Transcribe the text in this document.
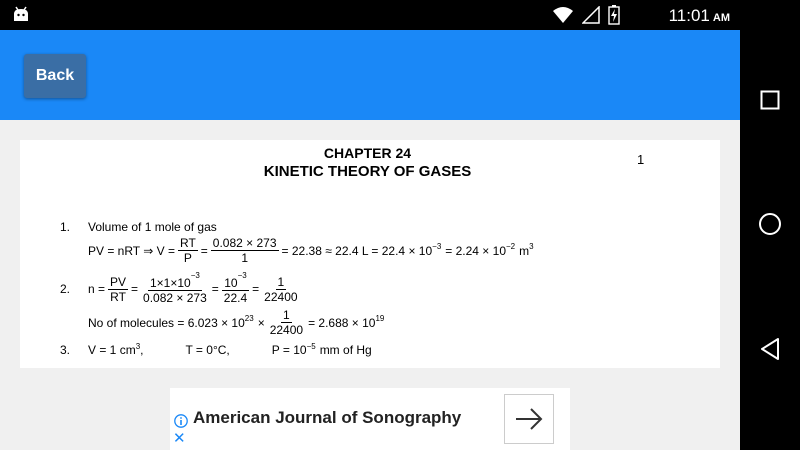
11:01 AM
Back
CHAPTER 24
KINETIC THEORY OF GASES
1
1. Volume of 1 mole of gas
PV = nRT ⇒ $V = \frac{RT}{P} = \frac{0.082 \times 273}{1} = 22.38 \approx 22.4$ $L = 22.4 \times 10^{-3} = 2.24 \times 10^{-2}$ $m^3$
2. $n = \frac{PV}{RT} = \frac{1\times 1\times 10^{-3}}{0.082 \times 273} = \frac{10^{-3}}{22.4} = \frac{1}{22400}$
No of molecules = $6.023 \times 10^{23} \times \frac{1}{22400} = 2.688 \times 10^{19}$
3. V = 1 $cm^3$ ,	T = 0°C,	$P = 10^{-5}$ mm of Hg
✕
American Journal of Sonography
